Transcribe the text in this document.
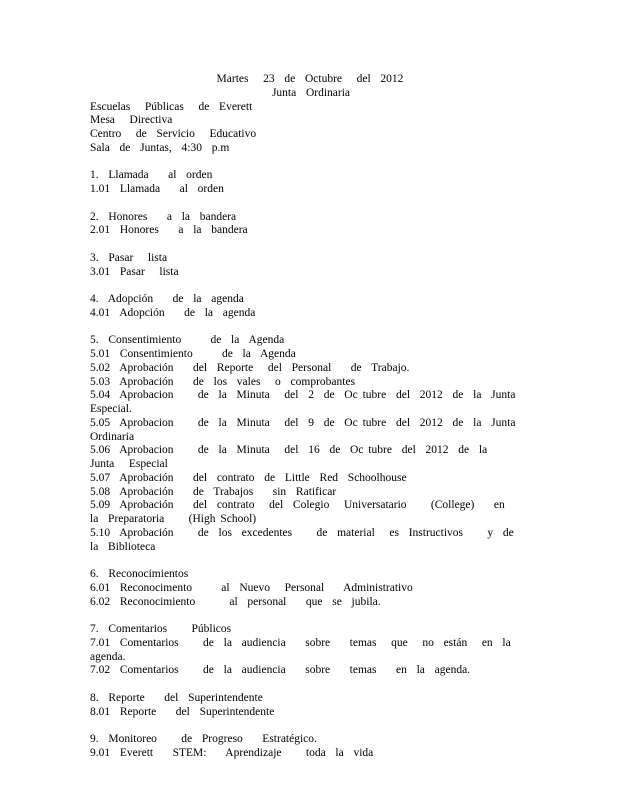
Martes   23  de  Octubre   del  2012
Junta  Ordinaria
Escuelas   Públicas   de  Everett
Mesa   Directiva
Centro   de  Servicio   Educativo
Sala  de  Juntas,  4:30  p.m
1.  Llamada    al  orden
1.01  Llamada    al  orden
2.  Honores    a  la  bandera
2.01  Honores    a  la  bandera
3.  Pasar   lista
3.01  Pasar   lista
4.  Adopción    de  la  agenda
4.01  Adopción    de  la  agenda
5.  Consentimiento      de  la  Agenda
5.01  Consentimiento      de  la  Agenda
5.02  Aprobación    del  Reporte   del  Personal    de  Trabajo.
5.03  Aprobación    de  los  vales   o  comprobantes
5.04  Aprobacion     de  la  Minuta   del  2  de  Oc tubre  del  2012  de  la  Junta  Especial.
5.05  Aprobacion     de  la  Minuta   del  9  de  Oc tubre  del  2012  de  la  Junta  Ordinaria
5.06  Aprobacion     de  la  Minuta   del  16  de  Oc tubre  del  2012  de  la  Junta   Especial
5.07  Aprobación    del  contrato  de  Little  Red  Schoolhouse
5.08  Aprobación    de  Trabajos    sin  Ratificar
5.09  Aprobación    del  contrato   del  Colegio   Universatario     (College)    en  la  Preparatoria     (High School)
5.10  Aprobación     de  los  excedentes     de  material   es  Instructivos     y  de  la  Biblioteca
6.  Reconocimientos
6.01  Reconocimento      al  Nuevo   Personal    Administrativo
6.02  Reconocimiento       al  personal    que  se  jubila.
7.  Comentarios     Públicos
7.01  Comentarios     de  la  audiencia    sobre    temas   que   no  están   en  la  agenda.
7.02  Comentarios     de  la  audiencia    sobre    temas    en  la  agenda.
8.  Reporte    del  Superintendente
8.01  Reporte    del  Superintendente
9.  Monitoreo     de  Progreso    Estratégico.
9.01  Everett    STEM:    Aprendizaje     toda  la  vida
